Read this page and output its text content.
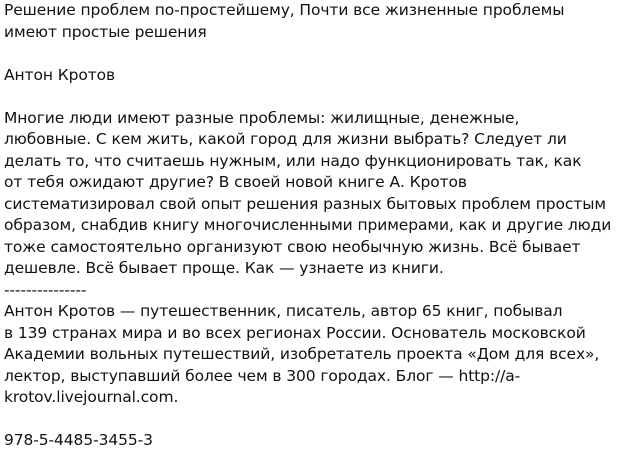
Решение проблем по-простейшему, Почти все жизненные проблемы
имеют простые решения
Антон Кротов
Многие люди имеют разные проблемы: жилищные, денежные,
любовные. С кем жить, какой город для жизни выбрать? Следует ли
делать то, что считаешь нужным, или надо функционировать так, как
от тебя ожидают другие? В своей новой книге А. Кротов
систематизировал свой опыт решения разных бытовых проблем простым
образом, снабдив книгу многочисленными примерами, как и другие люди
тоже самостоятельно организуют свою необычную жизнь. Всё бывает
дешевле. Всё бывает проще. Как — узнаете из книги.
---------------
Антон Кротов — путешественник, писатель, автор 65 книг, побывал
в 139 странах мира и во всех регионах России. Основатель московской
Академии вольных путешествий, изобретатель проекта «Дом для всех»,
лектор, выступавший более чем в 300 городах. Блог — http://a-
krotov.livejournal.com.
978-5-4485-3455-3
